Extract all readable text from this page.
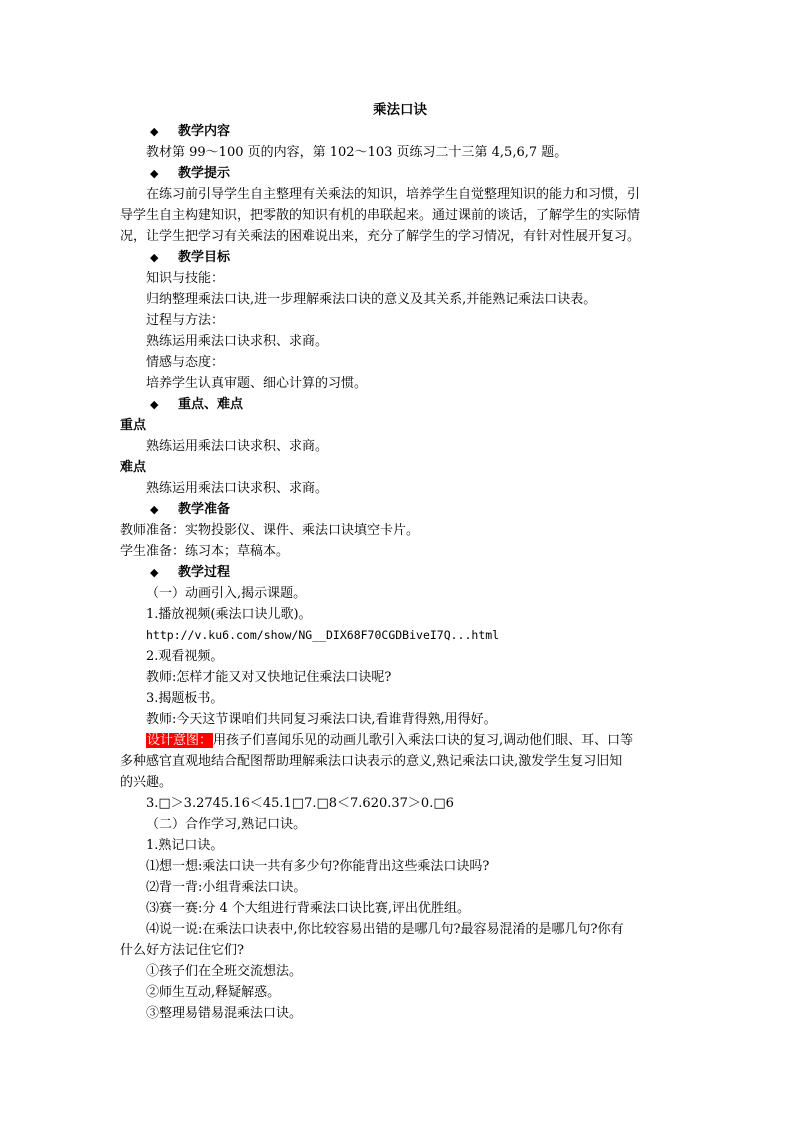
乘法口诀
◆ 教学内容
教材第 99～100 页的内容，第 102～103 页练习二十三第 4,5,6,7 题。
◆ 教学提示
在练习前引导学生自主整理有关乘法的知识，培养学生自觉整理知识的能力和习惯，引
导学生自主构建知识，把零散的知识有机的串联起来。通过课前的谈话，了解学生的实际情
况，让学生把学习有关乘法的困难说出来，充分了解学生的学习情况，有针对性展开复习。
◆ 教学目标
知识与技能：
归纳整理乘法口诀,进一步理解乘法口诀的意义及其关系,并能熟记乘法口诀表。
过程与方法：
熟练运用乘法口诀求积、求商。
情感与态度：
培养学生认真审题、细心计算的习惯。
◆ 重点、难点
重点
熟练运用乘法口诀求积、求商。
难点
熟练运用乘法口诀求积、求商。
◆ 教学准备
教师准备：实物投影仪、课件、乘法口诀填空卡片。
学生准备：练习本；草稿本。
◆ 教学过程
（一）动画引入,揭示课题。
1.播放视频(乘法口诀儿歌)。
http://v.ku6.com/show/NG__DIX68F70CGDBiveI7Q...html
2.观看视频。
教师:怎样才能又对又快地记住乘法口诀呢?
3.揭题板书。
教师:今天这节课咱们共同复习乘法口诀,看谁背得熟,用得好。
设计意图：用孩子们喜闻乐见的动画儿歌引入乘法口诀的复习,调动他们眼、耳、口等
多种感官直观地结合配图帮助理解乘法口诀表示的意义,熟记乘法口诀,激发学生复习旧知
的兴趣。
3.□＞3.2745.16＜45.1□7.□8＜7.620.37＞0.□6
（二）合作学习,熟记口诀。
1.熟记口诀。
⑴想一想:乘法口诀一共有多少句?你能背出这些乘法口诀吗?
⑵背一背:小组背乘法口诀。
⑶赛一赛:分 4 个大组进行背乘法口诀比赛,评出优胜组。
⑷说一说:在乘法口诀表中,你比较容易出错的是哪几句?最容易混淆的是哪几句?你有
什么好方法记住它们?
①孩子们在全班交流想法。
②师生互动,释疑解惑。
③整理易错易混乘法口诀。
